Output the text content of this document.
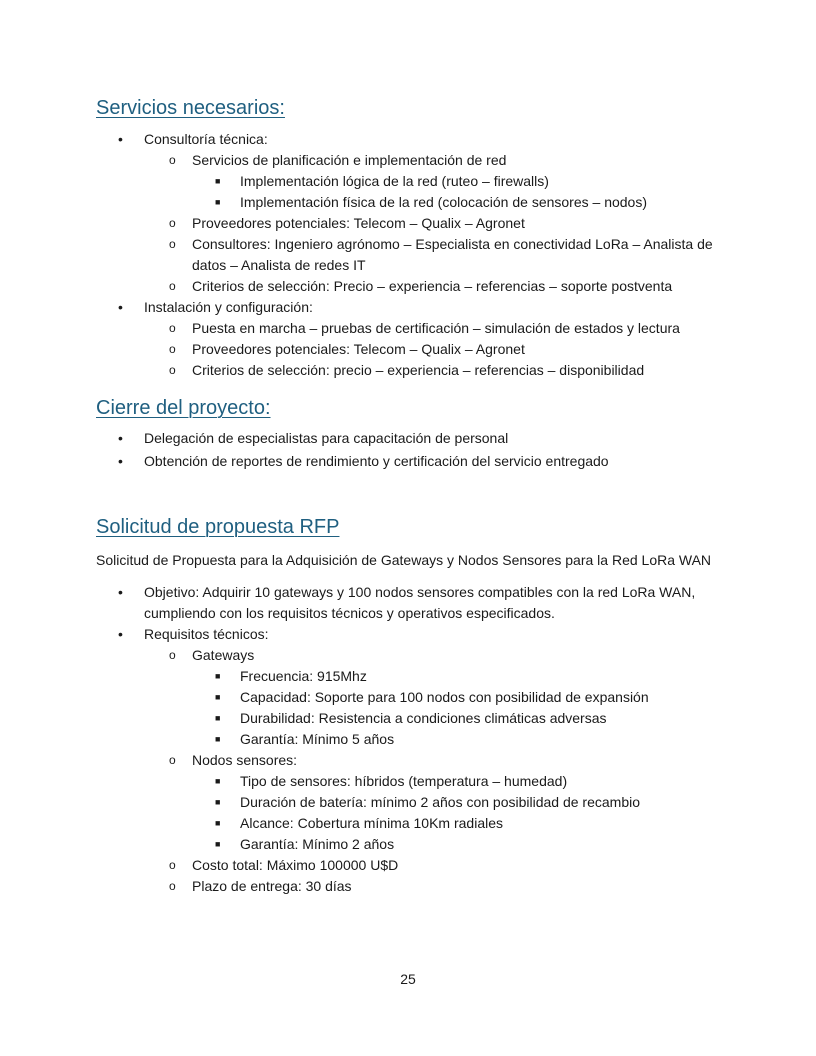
Servicios necesarios:
• Consultoría técnica:
o Servicios de planificación e implementación de red
■ Implementación lógica de la red (ruteo – firewalls)
■ Implementación física de la red (colocación de sensores – nodos)
o Proveedores potenciales: Telecom – Qualix – Agronet
o Consultores: Ingeniero agrónomo – Especialista en conectividad LoRa – Analista de datos – Analista de redes IT
o Criterios de selección: Precio – experiencia – referencias – soporte postventa
• Instalación y configuración:
o Puesta en marcha – pruebas de certificación – simulación de estados y lectura
o Proveedores potenciales: Telecom – Qualix – Agronet
o Criterios de selección: precio – experiencia – referencias – disponibilidad
Cierre del proyecto:
• Delegación de especialistas para capacitación de personal
• Obtención de reportes de rendimiento y certificación del servicio entregado
Solicitud de propuesta RFP
Solicitud de Propuesta para la Adquisición de Gateways y Nodos Sensores para la Red LoRa WAN
• Objetivo: Adquirir 10 gateways y 100 nodos sensores compatibles con la red LoRa WAN, cumpliendo con los requisitos técnicos y operativos especificados.
• Requisitos técnicos:
o Gateways
■ Frecuencia: 915Mhz
■ Capacidad: Soporte para 100 nodos con posibilidad de expansión
■ Durabilidad: Resistencia a condiciones climáticas adversas
■ Garantía: Mínimo 5 años
o Nodos sensores:
■ Tipo de sensores: híbridos (temperatura – humedad)
■ Duración de batería: mínimo 2 años con posibilidad de recambio
■ Alcance: Cobertura mínima 10Km radiales
■ Garantía: Mínimo 2 años
o Costo total: Máximo 100000 U$D
o Plazo de entrega: 30 días
25
